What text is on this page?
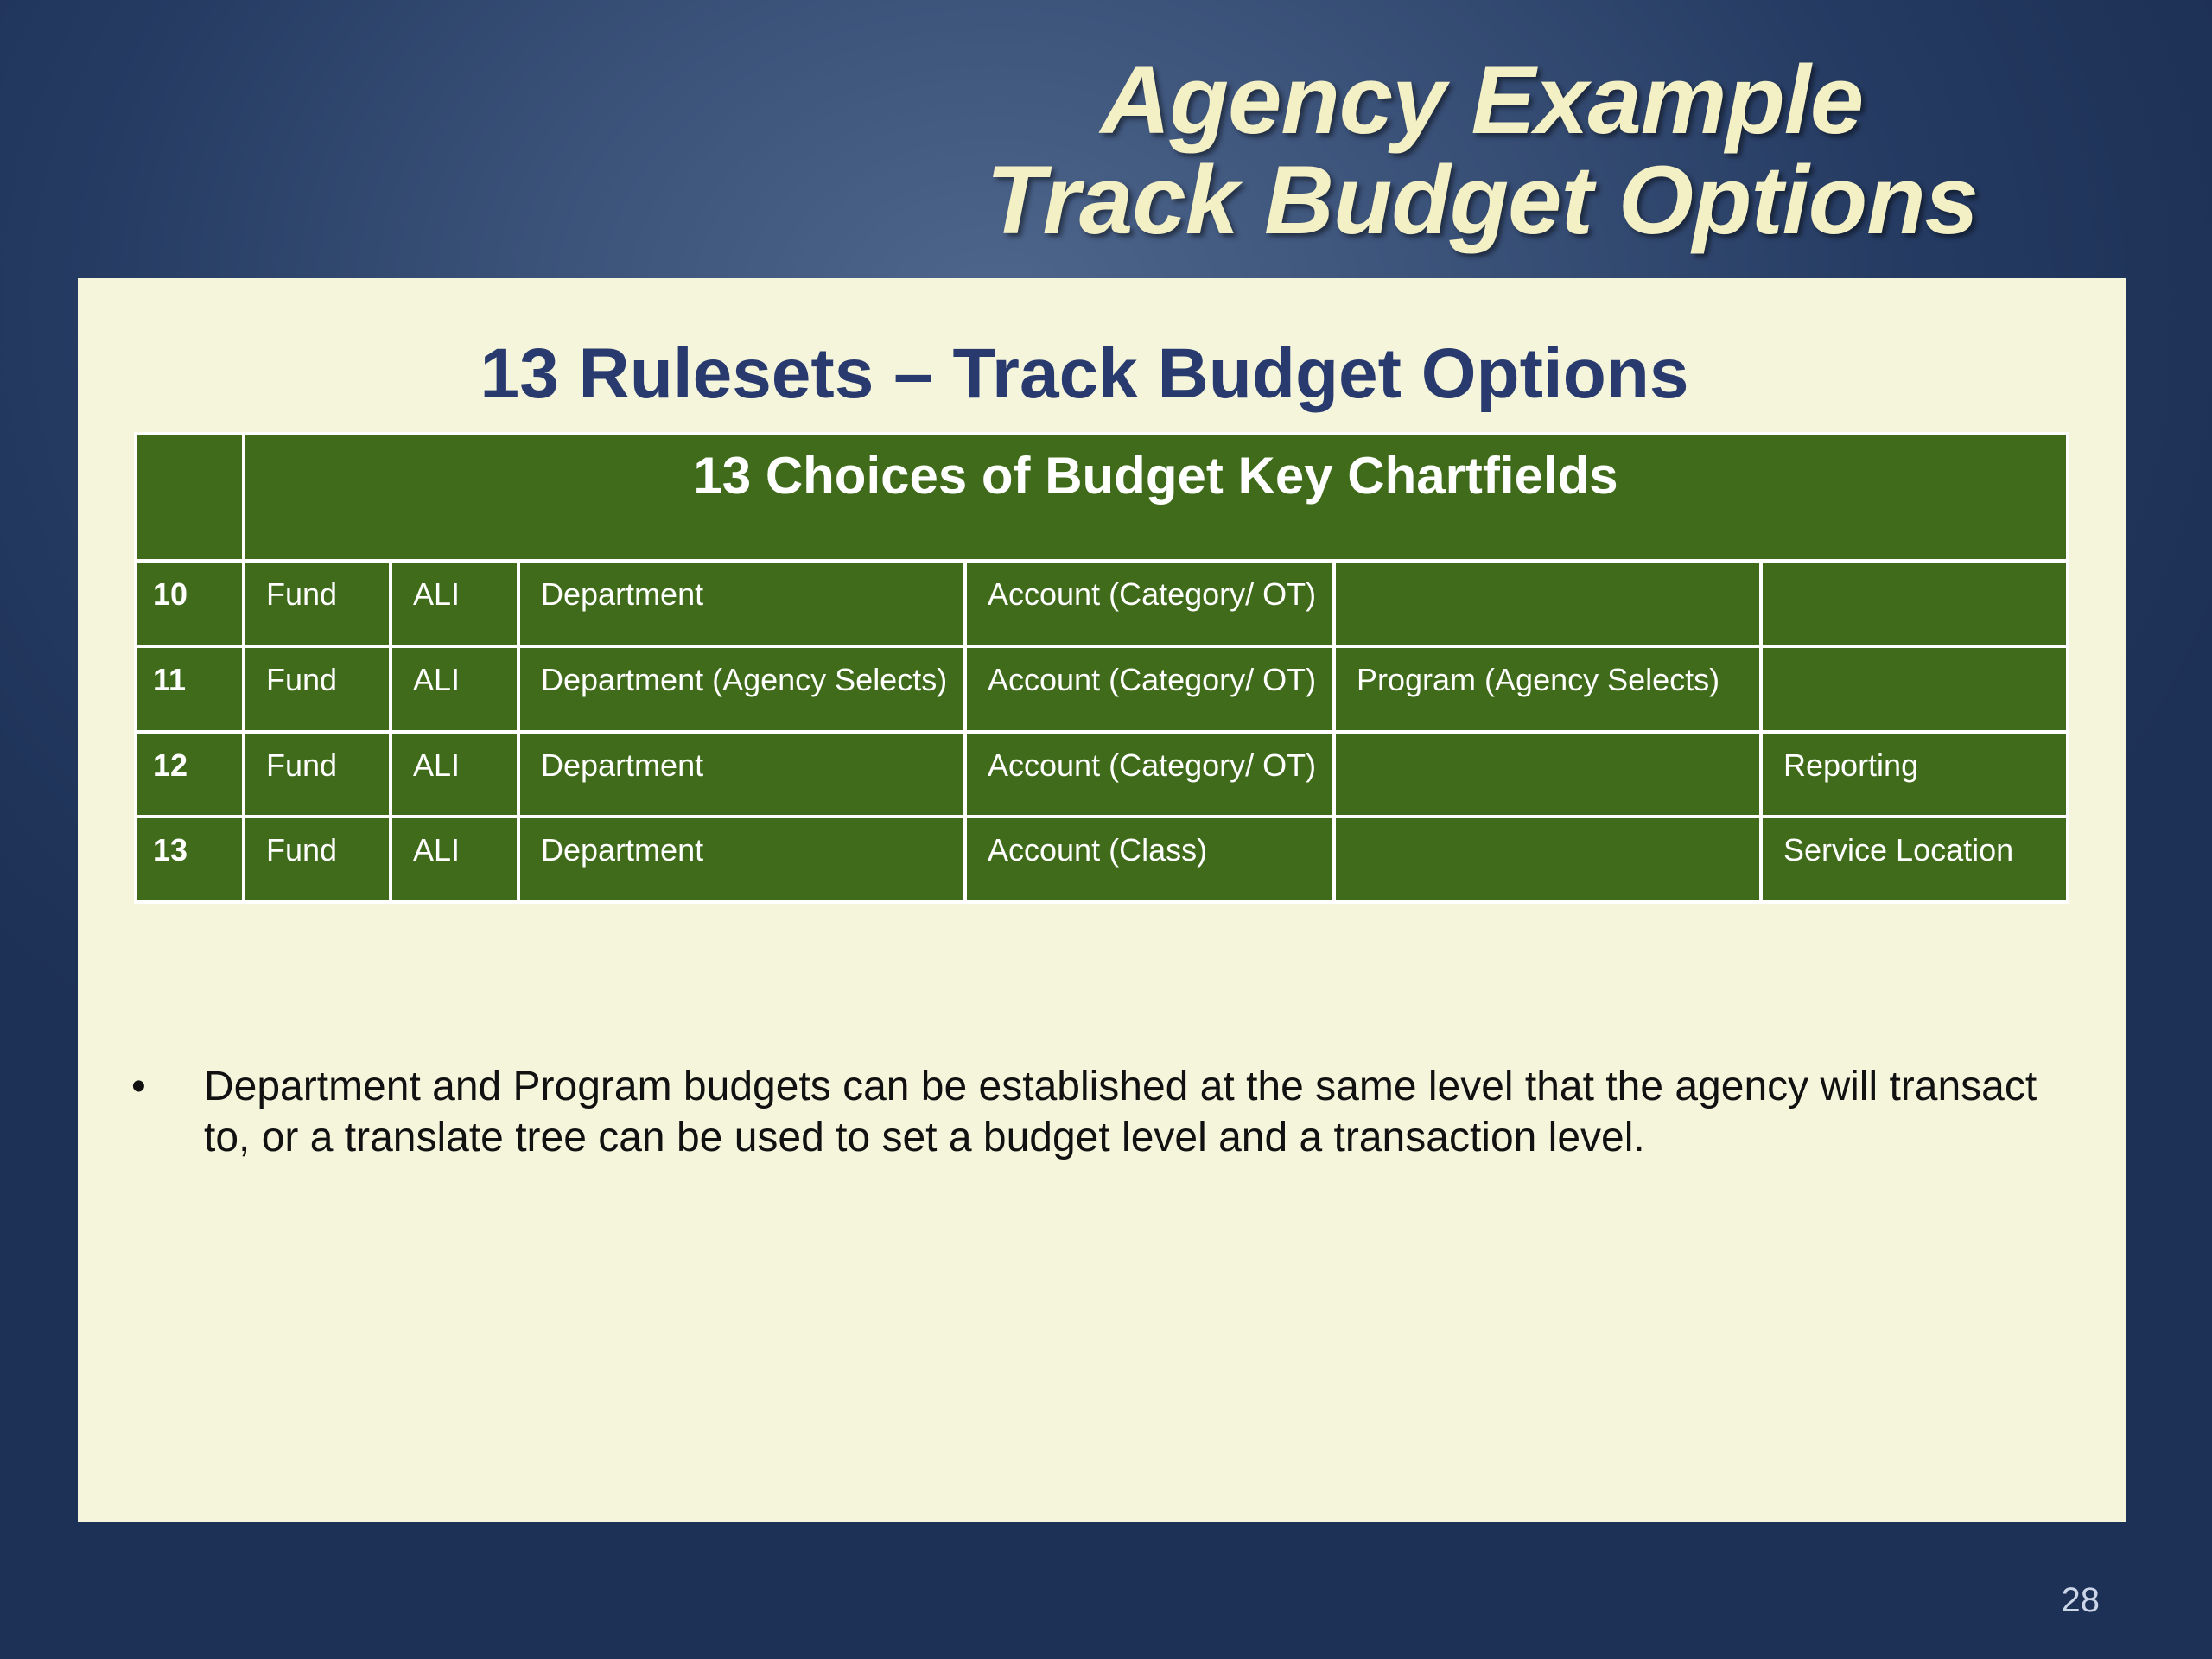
Agency Example
Track Budget Options
13 Rulesets – Track Budget Options
	13 Choices of Budget Key Chartfields					
10	Fund	ALI	Department	Account (Category/ OT)		
11	Fund	ALI	Department (Agency Selects)	Account (Category/ OT)	Program (Agency Selects)	
12	Fund	ALI	Department	Account (Category/ OT)		Reporting
13	Fund	ALI	Department	Account (Class)		Service Location
• Department and Program budgets can be established at the same level that the agency will transact to, or a translate tree can be used to set a budget level and a transaction level.
28
